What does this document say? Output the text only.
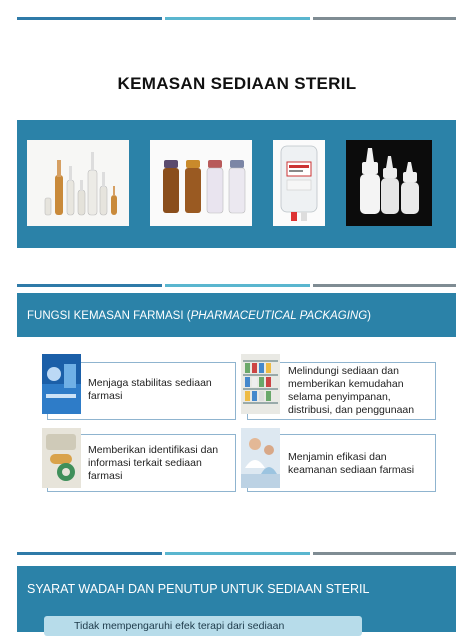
KEMASAN SEDIAAN STERIL
FUNGSI KEMASAN FARMASI (PHARMACEUTICAL PACKAGING)
Menjaga stabilitas sediaan farmasi
Melindungi sediaan dan memberikan kemudahan selama penyimpanan, distribusi, dan penggunaan
Memberikan identifikasi dan informasi terkait sediaan farmasi
Menjamin efikasi dan keamanan sediaan farmasi
SYARAT WADAH DAN PENUTUP UNTUK SEDIAAN STERIL
Tidak mempengaruhi efek terapi dari sediaan
